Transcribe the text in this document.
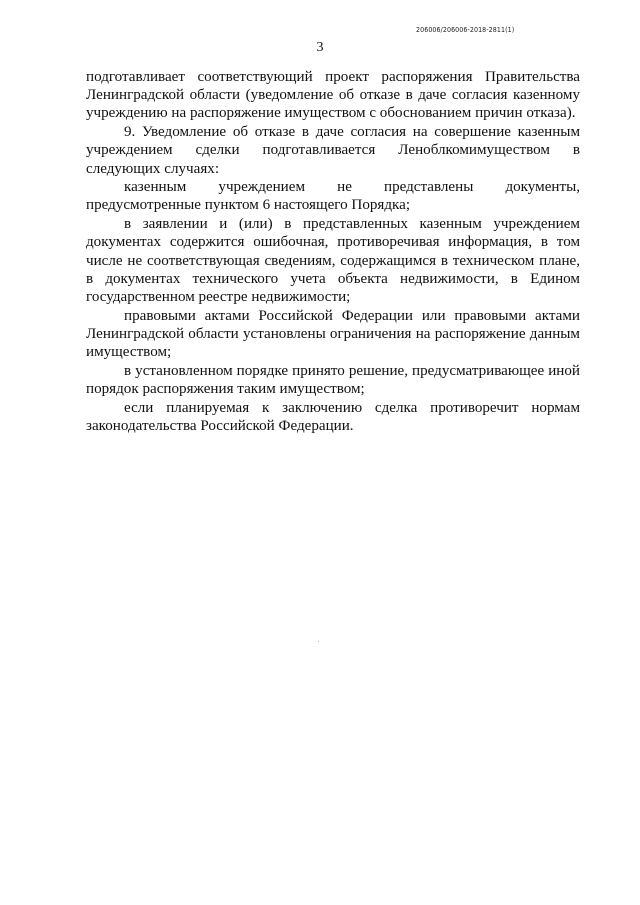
206006/206006-2018-2811(1)
3

подготавливает соответствующий проект распоряжения Правительства Ленинградской области (уведомление об отказе в даче согласия казенному учреждению на распоряжение имуществом с обоснованием причин отказа).

9. Уведомление об отказе в даче согласия на совершение казенным учреждением сделки подготавливается Леноблкомимуществом в следующих случаях:

казенным учреждением не представлены документы, предусмотренные пунктом 6 настоящего Порядка;

в заявлении и (или) в представленных казенным учреждением документах содержится ошибочная, противоречивая информация, в том числе не соответствующая сведениям, содержащимся в техническом плане, в документах технического учета объекта недвижимости, в Едином государственном реестре недвижимости;

правовыми актами Российской Федерации или правовыми актами Ленинградской области установлены ограничения на распоряжение данным имуществом;

в установленном порядке принято решение, предусматривающее иной порядок распоряжения таким имуществом;

если планируемая к заключению сделка противоречит нормам законодательства Российской Федерации.
